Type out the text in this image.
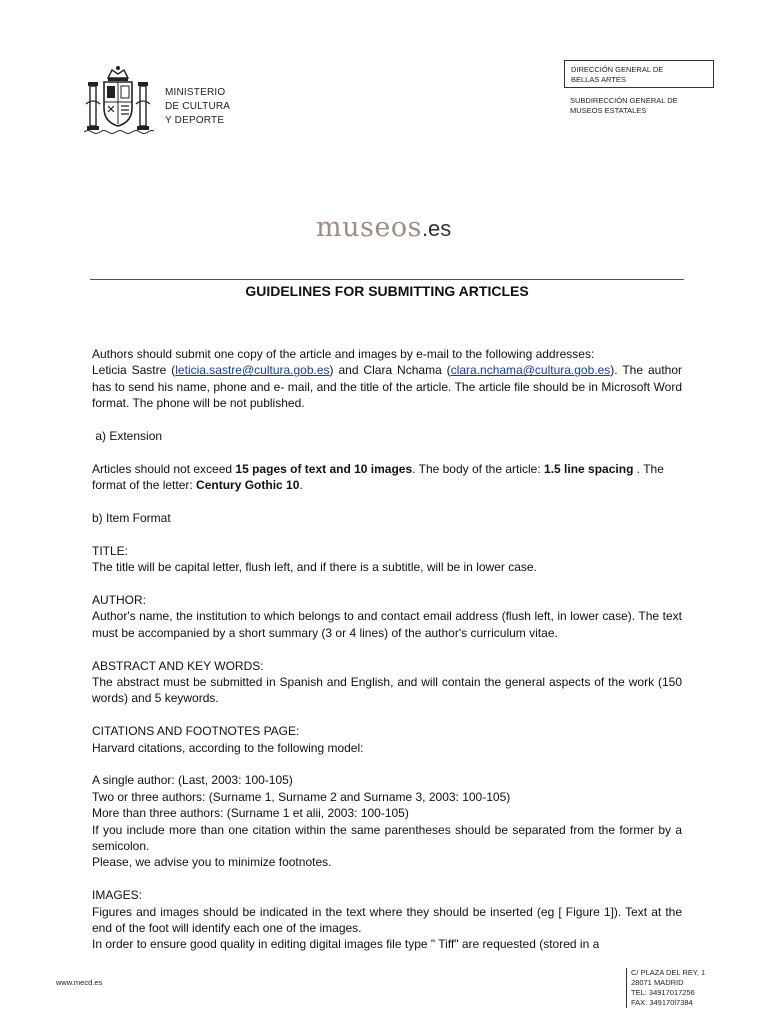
MINISTERIO
DE CULTURA
Y DEPORTE
DIRECCIÓN GENERAL DE
BELLAS ARTES
SUBDIRECCIÓN GENERAL DE
MUSEOS ESTATALES
museos.es
GUIDELINES FOR SUBMITTING ARTICLES

Authors should submit one copy of the article and images by e-mail to the following addresses:

Leticia Sastre (leticia.sastre@cultura.gob.es) and Clara Nchama (clara.nchama@cultura.gob.es). The author has to send his name, phone and e- mail, and the title of the article. The article file should be in Microsoft Word format. The phone will be not published.

a) Extension

Articles should not exceed 15 pages of text and 10 images. The body of the article: 1.5 line spacing . The format of the letter: Century Gothic 10.

b) Item Format

TITLE:

The title will be capital letter, flush left, and if there is a subtitle, will be in lower case.

AUTHOR:

Author's name, the institution to which belongs to and contact email address (flush left, in lower case). The text must be accompanied by a short summary (3 or 4 lines) of the author's curriculum vitae.

ABSTRACT AND KEY WORDS:

The abstract must be submitted in Spanish and English, and will contain the general aspects of the work (150 words) and 5 keywords.

CITATIONS AND FOOTNOTES PAGE:

Harvard citations, according to the following model:

A single author: (Last, 2003: 100-105)

Two or three authors: (Surname 1, Surname 2 and Surname 3, 2003: 100-105)

More than three authors: (Surname 1 et alii, 2003: 100-105)

If you include more than one citation within the same parentheses should be separated from the former by a semicolon.

Please, we advise you to minimize footnotes.

IMAGES:

Figures and images should be indicated in the text where they should be inserted (eg [ Figure 1]). Text at the end of the foot will identify each one of the images.

In order to ensure good quality in editing digital images file type " Tiff" are requested (stored in a

www.mecd.es
C/ PLAZA DEL REY, 1
28071 MADRID
TEL: 34917017256
FAX: 349170l7384
